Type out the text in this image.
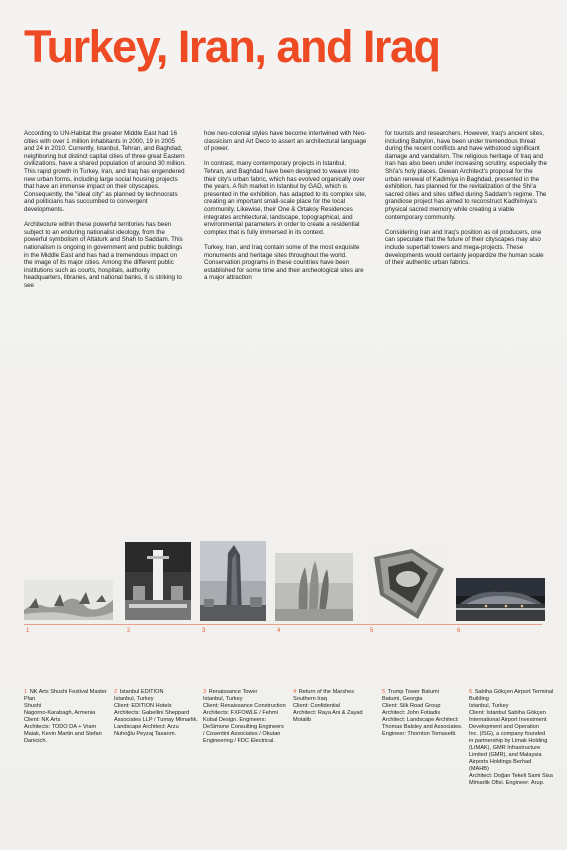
Turkey, Iran, and Iraq

According to UN-Habitat the greater Middle East had 16 cities with over 1 million inhabitants in 2000, 19 in 2005 and 24 in 2010. Currently, Istanbul, Tehran, and Baghdad, neighboring but distinct capital cities of three great Eastern civilizations, have a shared population of around 30 million. This rapid growth in Turkey, Iran, and Iraq has engendered new urban forms, including large social housing projects that have an immense impact on their cityscapes. Consequently, the "ideal city" as planned by technocrats and politicians has succumbed to convergent developments.

Architecture within these powerful territories has been subject to an enduring nationalist ideology, from the powerful symbolism of Attaturk and Shah to Saddam. This nationalism is ongoing in government and public buildings in the Middle East and has had a tremendous impact on the image of its major cities. Among the different public institutions such as courts, hospitals, authority headquarters, libraries, and national banks, it is striking to see

how neo-colonial styles have become intertwined with Neo-classicism and Art Deco to assert an architectural language of power.

In contrast, many contemporary projects in Istanbul, Tehran, and Baghdad have been designed to weave into their city's urban fabric, which has evolved organically over the years. A fish market in Istanbul by GAD, which is presented in the exhibition, has adapted to its complex site, creating an important small-scale place for the local community. Likewise, their One & Ortakoy Residences integrates architectural, landscape, topographical, and environmental parameters in order to create a residential complex that is fully immersed in its context.

Turkey, Iran, and Iraq contain some of the most exquisite monuments and heritage sites throughout the world. Conservation programs in these countries have been established for some time and their archeological sites are a major attraction

for tourists and researchers. However, Iraq's ancient sites, including Babylon, have been under tremendous threat during the recent conflicts and have withstood significant damage and vandalism. The religious heritage of Iraq and Iran has also been under increasing scrutiny, especially the Shi'a's holy places. Dewan Architect's proposal for the urban renewal of Kadimiya in Baghdad, presented in the exhibition, has planned for the revitalization of the Shi'a sacred cities and sites stifled during Saddam's regime. The grandiose project has aimed to reconstruct Kadhimiya's physical sacred memory while creating a viable contemporary community.

Considering Iran and Iraq's position as oil producers, one can speculate that the future of their cityscapes may also include supertall towers and mega-projects. These developments would certainly jeopardize the human scale of their authentic urban fabrics.

1	2	3	4	5	6
1 NK Arts Shushi Festival Master
Plan
Shushi
Nagorno-Karabagh, Armenia
Client: NK Arts
Architects: TODO DA + Vram
Maiak, Kevin Martin and Stefan
Danicich.
2 Istanbul EDITION
Istanbul, Turkey
Client: EDITION Hotels
Architects: Gabellini Sheppard
Associates LLP / Tumay Mimarlik.
Landscape Architect: Arzu
Nuhoğlu Peyzaj Tasarım.
3 Renaissance Tower
Istanbul, Turkey
Client: Renaissance Construction
Architects: FXFOWLE / Fehmi
Kobal Design. Engineers:
DeSimone Consulting Engineers
/ Cosentini Associates / Okutan
Engineering / FDC Electrical.
4 Return of the Marshes
Southern Iraq
Client: Confidential
Architect: Raya Ani & Zayad
Motalib
5 Trump Tower Batumi
Batumi, Georgia
Client: Silk Road Group
Architect: John Fotiadis
Architect: Landscape Architect:
Thomas Balsley and Associates.
Engineer: Thornton Tomasetti.
6 Sabiha Gökçen Airport Terminal
Building
Istanbul, Turkey
Client: Istanbul Sabiha Gökçen
International Airport Investment
Development and Operation
Inc. (ISG), a company founded
in partnership by Limak Holding
(LIMAK), GMR Infrastructure
Limited (GMR), and Malaysia
Airports Holdings Berhad
(MAHB)
Architect: Doğan Tekeli Sami Sisa
Mimarlik Ofisi. Engineer: Arup.
